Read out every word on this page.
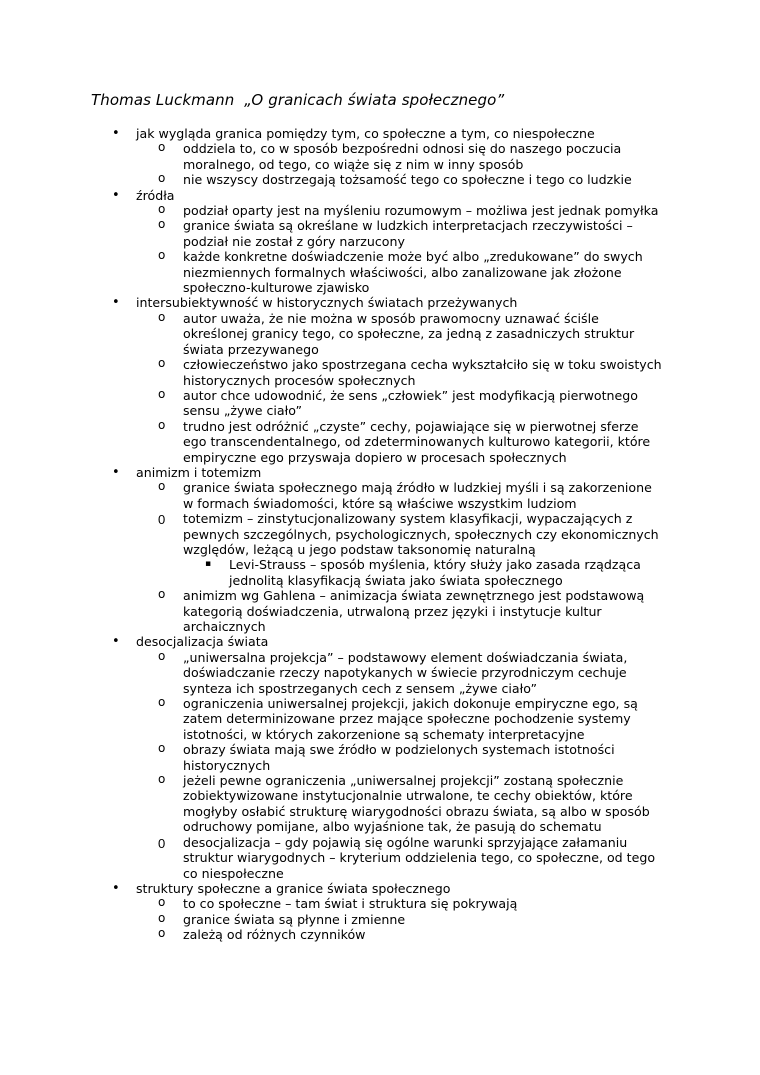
Thomas Luckmann  „O granicach świata społecznego”
• jak wygląda granica pomiędzy tym, co społeczne a tym, co niespołeczne
o oddziela to, co w sposób bezpośredni odnosi się do naszego poczucia
moralnego, od tego, co wiąże się z nim w inny sposób
o nie wszyscy dostrzegają tożsamość tego co społeczne i tego co ludzkie
• źródła
o podział oparty jest na myśleniu rozumowym – możliwa jest jednak pomyłka
o granice świata są określane w ludzkich interpretacjach rzeczywistości –
podział nie został z góry narzucony
o każde konkretne doświadczenie może być albo „zredukowane” do swych
niezmiennych formalnych właściwości, albo zanalizowane jak złożone
społeczno-kulturowe zjawisko
• intersubiektywność w historycznych światach przeżywanych
o autor uważa, że nie można w sposób prawomocny uznawać ściśle
określonej granicy tego, co społeczne, za jedną z zasadniczych struktur
świata przezywanego
o człowieczeństwo jako spostrzegana cecha wykształciło się w toku swoistych
historycznych procesów społecznych
o autor chce udowodnić, że sens „człowiek” jest modyfikacją pierwotnego
sensu „żywe ciało”
o trudno jest odróżnić „czyste” cechy, pojawiające się w pierwotnej sferze
ego transcendentalnego, od zdeterminowanych kulturowo kategorii, które
empiryczne ego przyswaja dopiero w procesach społecznych
• animizm i totemizm
o granice świata społecznego mają źródło w ludzkiej myśli i są zakorzenione
w formach świadomości, które są właściwe wszystkim ludziom
0 totemizm – zinstytucjonalizowany system klasyfikacji, wypaczających z
pewnych szczególnych, psychologicznych, społecznych czy ekonomicznych
względów, leżącą u jego podstaw taksonomię naturalną
▪ Levi-Strauss – sposób myślenia, który służy jako zasada rządząca
jednolitą klasyfikacją świata jako świata społecznego
o animizm wg Gahlena – animizacja świata zewnętrznego jest podstawową
kategorią doświadczenia, utrwaloną przez języki i instytucje kultur
archaicznych
• desocjalizacja świata
o „uniwersalna projekcja” – podstawowy element doświadczania świata,
doświadczanie rzeczy napotykanych w świecie przyrodniczym cechuje
synteza ich spostrzeganych cech z sensem „żywe ciało”
o ograniczenia uniwersalnej projekcji, jakich dokonuje empiryczne ego, są
zatem determinizowane przez mające społeczne pochodzenie systemy
istotności, w których zakorzenione są schematy interpretacyjne
o obrazy świata mają swe źródło w podzielonych systemach istotności
historycznych
o jeżeli pewne ograniczenia „uniwersalnej projekcji” zostaną społecznie
zobiektywizowane instytucjonalnie utrwalone, te cechy obiektów, które
mogłyby osłabić strukturę wiarygodności obrazu świata, są albo w sposób
odruchowy pomijane, albo wyjaśnione tak, że pasują do schematu
0 desocjalizacja – gdy pojawią się ogólne warunki sprzyjające załamaniu
struktur wiarygodnych – kryterium oddzielenia tego, co społeczne, od tego
co niespołeczne
• struktury społeczne a granice świata społecznego
o to co społeczne – tam świat i struktura się pokrywają
o granice świata są płynne i zmienne
o zależą od różnych czynników
